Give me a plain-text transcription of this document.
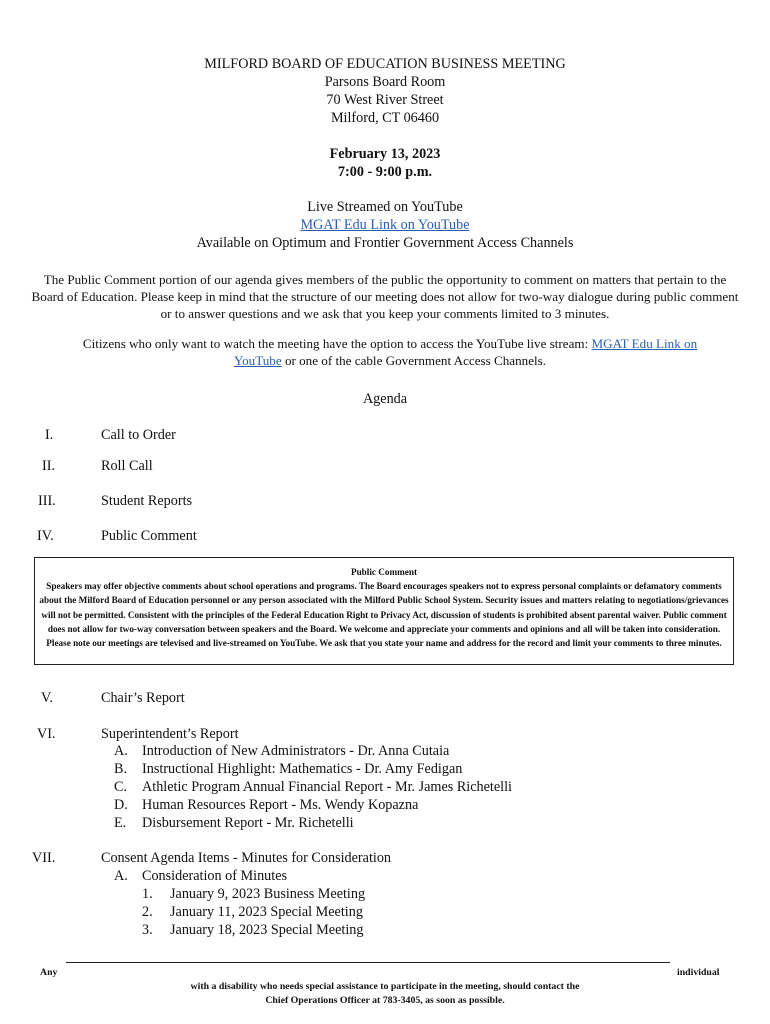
MILFORD BOARD OF EDUCATION BUSINESS MEETING
Parsons Board Room
70 West River Street
Milford, CT 06460
February 13, 2023
7:00 - 9:00 p.m.
Live Streamed on YouTube
MGAT Edu Link on YouTube
Available on Optimum and Frontier Government Access Channels
The Public Comment portion of our agenda gives members of the public the opportunity to comment on matters that pertain to the Board of Education. Please keep in mind that the structure of our meeting does not allow for two-way dialogue during public comment or to answer questions and we ask that you keep your comments limited to 3 minutes.
Citizens who only want to watch the meeting have the option to access the YouTube live stream: MGAT Edu Link on YouTube or one of the cable Government Access Channels.
Agenda
I.	Call to Order
II.	Roll Call
III.	Student Reports
IV.	Public Comment
Public Comment
Speakers may offer objective comments about school operations and programs. The Board encourages speakers not to express personal complaints or defamatory comments about the Milford Board of Education personnel or any person associated with the Milford Public School System. Security issues and matters relating to negotiations/grievances will not be permitted. Consistent with the principles of the Federal Education Right to Privacy Act, discussion of students is prohibited absent parental waiver. Public comment does not allow for two-way conversation between speakers and the Board. We welcome and appreciate your comments and opinions and all will be taken into consideration. Please note our meetings are televised and live-streamed on YouTube. We ask that you state your name and address for the record and limit your comments to three minutes.
V.	Chair’s Report
VI.	Superintendent’s Report
A. Introduction of New Administrators - Dr. Anna Cutaia
B. Instructional Highlight: Mathematics - Dr. Amy Fedigan
C. Athletic Program Annual Financial Report - Mr. James Richetelli
D. Human Resources Report - Ms. Wendy Kopazna
E. Disbursement Report - Mr. Richetelli
VII.	Consent Agenda Items - Minutes for Consideration
A. Consideration of Minutes
1. January 9, 2023 Business Meeting
2. January 11, 2023 Special Meeting
3. January 18, 2023 Special Meeting
Any	individual
with a disability who needs special assistance to participate in the meeting, should contact the
Chief Operations Officer at 783-3405, as soon as possible.
